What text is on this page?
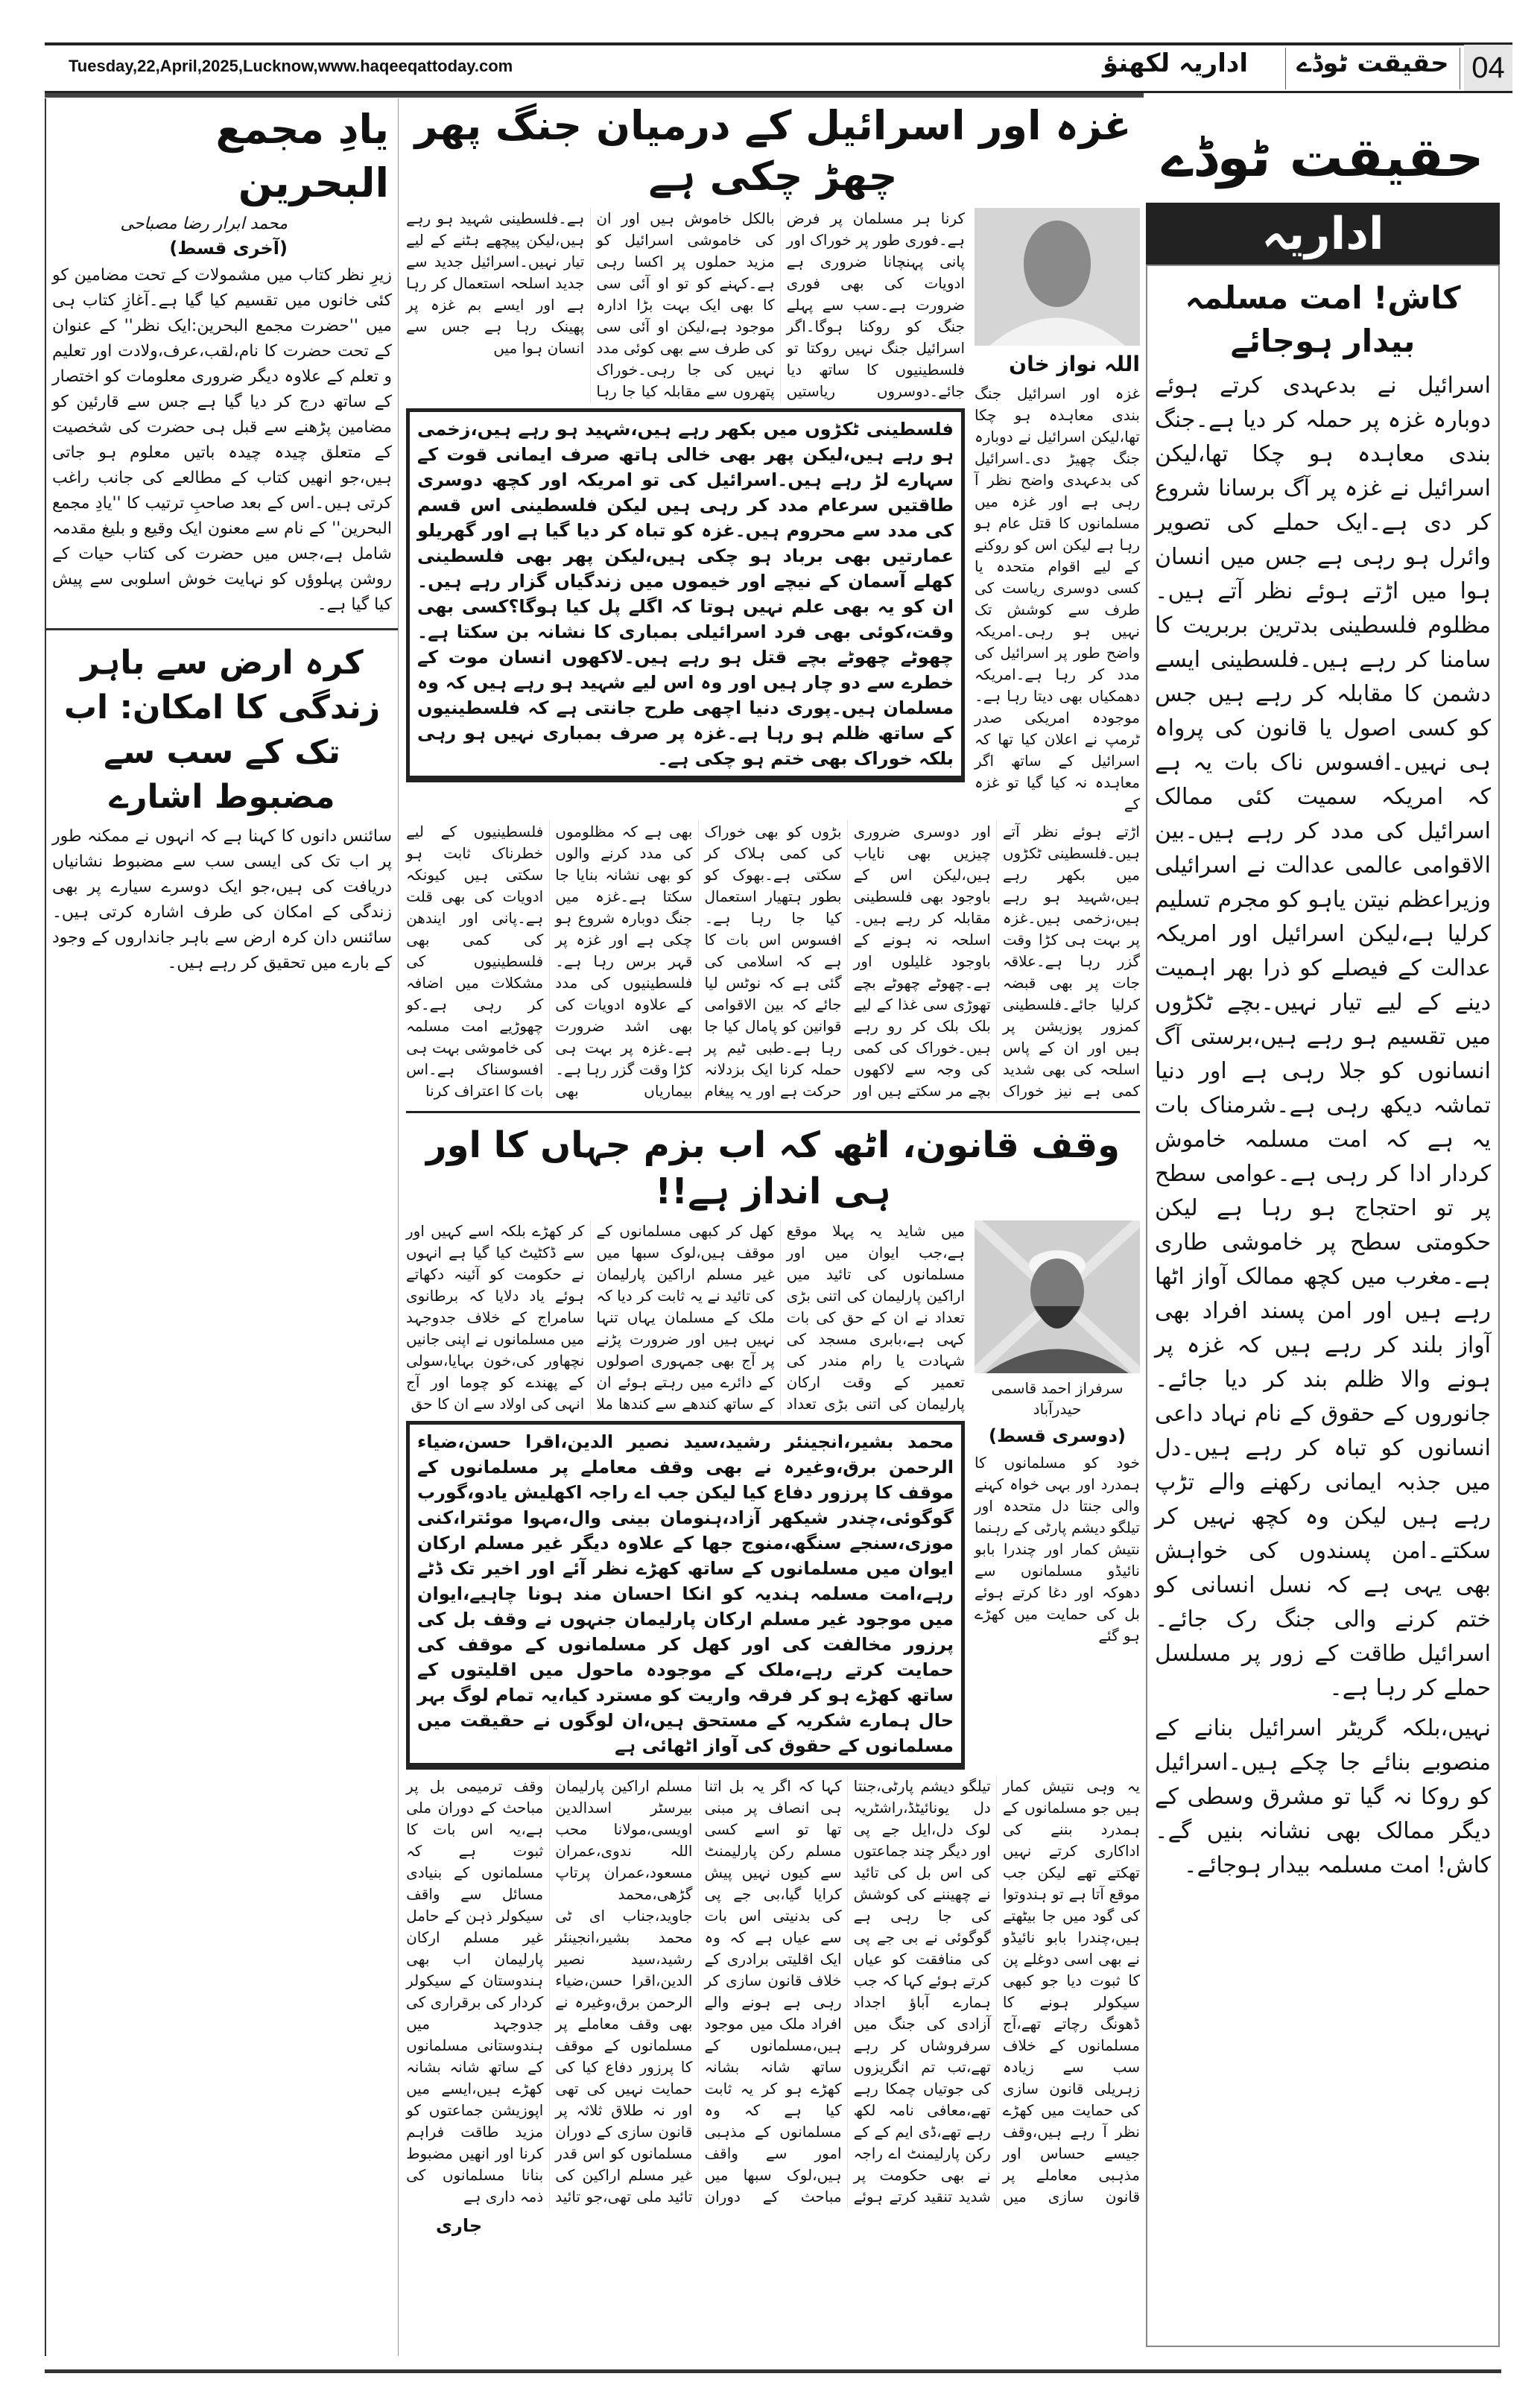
Tuesday,22,April,2025,Lucknow,www.haqeeqattoday.com	اداریہ لکھنؤ	حقیقت ٹوڈے 04
یادِ مجمع البحرین
محمد ابرار رضا مصباحی
(آخری قسط)
زیرِ نظر کتاب میں مشمولات کے تحت مضامین کو کئی خانوں میں تقسیم کیا گیا ہے۔آغازِ کتاب ہی میں ''حضرت مجمع البحرین:ایک نظر'' کے عنوان کے تحت حضرت کا نام،لقب،عرف،ولادت اور تعلیم و تعلم کے علاوہ دیگر ضروری معلومات کو اختصار کے ساتھ درج کر دیا گیا ہے جس سے قارئین کو مضامین پڑھنے سے قبل ہی حضرت کی شخصیت کے متعلق چیدہ چیدہ باتیں معلوم ہو جاتی ہیں،جو انھیں کتاب کے مطالعے کی جانب راغب کرتی ہیں۔اس کے بعد صاحبِ ترتیب کا ''یادِ مجمع البحرین'' کے نام سے معنون ایک وقیع و بلیغ مقدمہ شامل ہے،جس میں حضرت کی کتاب حیات کے روشن پہلوؤں کو نہایت خوش اسلوبی سے پیش کیا گیا ہے۔
کرہ ارض سے باہر زندگی کا امکان: اب تک کے سب سے مضبوط اشارے
سائنس دانوں کا کہنا ہے کہ انہوں نے ممکنہ طور پر اب تک کی ایسی سب سے مضبوط نشانیاں دریافت کی ہیں،جو ایک دوسرے سیارے پر بھی زندگی کے امکان کی طرف اشارہ کرتی ہیں۔سائنس دان کرہ ارض سے باہر جانداروں کے وجود کے بارے میں تحقیق کر رہے ہیں۔
غزہ اور اسرائیل کے درمیان جنگ پھر چھڑ چکی ہے
کرنا ہر مسلمان پر فرض ہے۔فوری طور پر خوراک اور پانی پہنچانا ضروری ہے ادویات کی بھی فوری ضرورت ہے۔سب سے پہلے جنگ کو روکنا ہوگا۔اگر اسرائیل جنگ نہیں روکتا تو فلسطینیوں کا ساتھ دیا جائے۔دوسروں ریاستیں بالکل خاموش ہیں اور ان کی خاموشی اسرائیل کو مزید حملوں پر اکسا رہی ہے۔کہنے کو تو او آئی سی کا بھی ایک بہت بڑا ادارہ موجود ہے،لیکن او آئی سی کی طرف سے بھی کوئی مدد نہیں کی جا رہی۔خوراک پتھروں سے مقابلہ کیا جا رہا ہے۔فلسطینی شہید ہو رہے ہیں،لیکن پیچھے ہٹنے کے لیے تیار نہیں۔اسرائیل جدید سے جدید اسلحہ استعمال کر رہا ہے اور ایسے بم غزہ پر پھینک رہا ہے جس سے انسان ہوا میں
فلسطینی ٹکڑوں میں بکھر رہے ہیں،شہید ہو رہے ہیں،زخمی ہو رہے ہیں،لیکن پھر بھی خالی ہاتھ صرف ایمانی قوت کے سہارے لڑ رہے ہیں۔اسرائیل کی تو امریکہ اور کچھ دوسری طاقتیں سرعام مدد کر رہی ہیں لیکن فلسطینی اس قسم کی مدد سے محروم ہیں۔غزہ کو تباہ کر دیا گیا ہے اور گھریلو عمارتیں بھی برباد ہو چکی ہیں،لیکن پھر بھی فلسطینی کھلے آسمان کے نیچے اور خیموں میں زندگیاں گزار رہے ہیں۔ان کو یہ بھی علم نہیں ہوتا کہ اگلے پل کیا ہوگا؟کسی بھی وقت،کوئی بھی فرد اسرائیلی بمباری کا نشانہ بن سکتا ہے۔چھوٹے چھوٹے بچے قتل ہو رہے ہیں۔لاکھوں انسان موت کے خطرے سے دو چار ہیں اور وہ اس لیے شہید ہو رہے ہیں کہ وہ مسلمان ہیں۔پوری دنیا اچھی طرح جانتی ہے کہ فلسطینیوں کے ساتھ ظلم ہو رہا ہے۔غزہ پر صرف بمباری نہیں ہو رہی بلکہ خوراک بھی ختم ہو چکی ہے۔
اللہ نواز خان
غزہ اور اسرائیل جنگ بندی معاہدہ ہو چکا تھا،لیکن اسرائیل نے دوبارہ جنگ چھیڑ دی۔اسرائیل کی بدعہدی واضح نظر آ رہی ہے اور غزہ میں مسلمانوں کا قتل عام ہو رہا ہے لیکن اس کو روکنے کے لیے اقوام متحدہ یا کسی دوسری ریاست کی طرف سے کوشش تک نہیں ہو رہی۔امریکہ واضح طور پر اسرائیل کی مدد کر رہا ہے۔امریکہ دھمکیاں بھی دیتا رہا ہے۔موجودہ امریکی صدر ٹرمپ نے اعلان کیا تھا کہ اسرائیل کے ساتھ اگر معاہدہ نہ کیا گیا تو غزہ کے
اڑتے ہوئے نظر آتے ہیں۔فلسطینی ٹکڑوں میں بکھر رہے ہیں،شہید ہو رہے ہیں،زخمی ہیں۔غزہ پر بہت ہی کڑا وقت گزر رہا ہے۔علاقہ جات پر بھی قبضہ کرلیا جائے۔فلسطینی کمزور پوزیشن پر ہیں اور ان کے پاس اسلحہ کی بھی شدید کمی ہے نیز خوراک اور دوسری ضروری چیزیں بھی نایاب ہیں،لیکن اس کے باوجود بھی فلسطینی مقابلہ کر رہے ہیں۔اسلحہ نہ ہونے کے باوجود غلیلوں اور ہے۔چھوٹے چھوٹے بچے تھوڑی سی غذا کے لیے بلک بلک کر رو رہے ہیں۔خوراک کی کمی کی وجہ سے لاکھوں بچے مر سکتے ہیں اور بڑوں کو بھی خوراک کی کمی ہلاک کر سکتی ہے۔بھوک کو بطور ہتھیار استعمال کیا جا رہا ہے۔افسوس اس بات کا ہے کہ اسلامی کی گئی ہے کہ نوٹس لیا جائے کہ بین الاقوامی قوانین کو پامال کیا جا رہا ہے۔طبی ٹیم پر حملہ کرنا ایک بزدلانہ حرکت ہے اور یہ پیغام بھی ہے کہ مظلوموں کی مدد کرنے والوں کو بھی نشانہ بنایا جا سکتا ہے۔غزہ میں جنگ دوبارہ شروع ہو چکی ہے اور غزہ پر قہر برس رہا ہے۔فلسطینیوں کی مدد کے علاوہ ادویات کی بھی اشد ضرورت ہے۔غزہ پر بہت ہی کڑا وقت گزر رہا ہے۔بیماریاں بھی فلسطینیوں کے لیے خطرناک ثابت ہو سکتی ہیں کیونکہ ادویات کی بھی قلت ہے۔پانی اور ایندھن کی کمی بھی فلسطینیوں کی مشکلات میں اضافہ کر رہی ہے۔کو چھوڑیے امت مسلمہ کی خاموشی بہت ہی افسوسناک ہے۔اس بات کا اعتراف کرنا
وقف قانون، اٹھ کہ اب بزم جہاں کا اور ہی انداز ہے!!
میں شاید یہ پہلا موقع ہے،جب ایوان میں اور مسلمانوں کی تائید میں اراکین پارلیمان کی اتنی بڑی تعداد نے ان کے حق کی بات کہی ہے،بابری مسجد کی شہادت یا رام مندر کی تعمیر کے وقت ارکان پارلیمان کی اتنی بڑی تعداد کھل کر کبھی مسلمانوں کے موقف ہیں،لوک سبھا میں غیر مسلم اراکین پارلیمان کی تائید نے یہ ثابت کر دیا کہ ملک کے مسلمان یہاں تنہا نہیں ہیں اور ضرورت پڑنے پر آج بھی جمہوری اصولوں کے دائرے میں رہتے ہوئے ان کے ساتھ کندھے سے کندھا ملا کر کھڑے بلکہ اسے کہیں اور سے ڈکٹیٹ کیا گیا ہے انہوں نے حکومت کو آئینہ دکھاتے ہوئے یاد دلایا کہ برطانوی سامراج کے خلاف جدوجہد میں مسلمانوں نے اپنی جانیں نچھاور کی،خون بہایا،سولی کے پھندے کو چوما اور آج انہی کی اولاد سے ان کا حق
محمد بشیر،انجینئر رشید،سید نصیر الدین،اقرا حسن،ضیاء الرحمن برق،وغیرہ نے بھی وقف معاملے پر مسلمانوں کے موقف کا پرزور دفاع کیا لیکن جب اے راجہ اکھلیش یادو،گورب گوگوئی،چندر شیکھر آزاد،ہنومان بینی وال،مہوا موئترا،کنی موزی،سنجے سنگھ،منوج جھا کے علاوہ دیگر غیر مسلم ارکان ایوان میں مسلمانوں کے ساتھ کھڑے نظر آئے اور اخیر تک ڈٹے رہے،امت مسلمہ ہندیہ کو انکا احسان مند ہونا چاہیے،ایوان میں موجود غیر مسلم ارکان پارلیمان جنہوں نے وقف بل کی پرزور مخالفت کی اور کھل کر مسلمانوں کے موقف کی حمایت کرتے رہے،ملک کے موجودہ ماحول میں اقلیتوں کے ساتھ کھڑے ہو کر فرقہ واریت کو مسترد کیا،یہ تمام لوگ بہر حال ہمارے شکریہ کے مستحق ہیں،ان لوگوں نے حقیقت میں مسلمانوں کے حقوق کی آواز اٹھائی ہے
سرفراز احمد قاسمی حیدرآباد
(دوسری قسط)
خود کو مسلمانوں کا ہمدرد اور بہی خواہ کہنے والی جنتا دل متحدہ اور تیلگو دیشم پارٹی کے رہنما نتیش کمار اور چندرا بابو نائیڈو مسلمانوں سے دھوکہ اور دغا کرتے ہوئے بل کی حمایت میں کھڑے ہو گئے
یہ وہی نتیش کمار ہیں جو مسلمانوں کے ہمدرد بننے کی اداکاری کرتے نہیں تھکتے تھے لیکن جب موقع آتا ہے تو ہندوتوا کی گود میں جا بیٹھتے ہیں،چندرا بابو نائیڈو نے بھی اسی دوغلے پن کا ثبوت دیا جو کبھی سیکولر ہونے کا ڈھونگ رچاتے تھے،آج مسلمانوں کے خلاف سب سے زیادہ زہریلی قانون سازی کی حمایت میں کھڑے نظر آ رہے ہیں،وقف جیسے حساس اور مذہبی معاملے پر قانون سازی میں تیلگو دیشم پارٹی،جنتا دل یونائیٹڈ،راشٹریہ لوک دل،ایل جے پی اور دیگر چند جماعتوں کی اس بل کی تائید نے چھیننے کی کوشش کی جا رہی ہے گوگوئی نے بی جے پی کی منافقت کو عیاں کرتے ہوئے کہا کہ جب ہمارے آباؤ اجداد آزادی کی جنگ میں سرفروشاں کر رہے تھے،تب تم انگریزوں کی جوتیاں چمکا رہے تھے،معافی نامہ لکھ رہے تھے،ڈی ایم کے کے رکن پارلیمنٹ اے راجہ نے بھی حکومت پر شدید تنقید کرتے ہوئے کہا کہ اگر یہ بل اتنا ہی انصاف پر مبنی تھا تو اسے کسی مسلم رکن پارلیمنٹ سے کیوں نہیں پیش کرایا گیا،بی جے پی کی بدنیتی اس بات سے عیاں ہے کہ وہ ایک اقلیتی برادری کے خلاف قانون سازی کر رہی ہے ہونے والے افراد ملک میں موجود ہیں،مسلمانوں کے ساتھ شانہ بشانہ کھڑے ہو کر یہ ثابت کیا ہے کہ وہ مسلمانوں کے مذہبی امور سے واقف ہیں،لوک سبھا میں مباحث کے دوران مسلم اراکین پارلیمان بیرسٹر اسدالدین اویسی،مولانا محب اللہ ندوی،عمران مسعود،عمران پرتاپ گڑھی،محمد جاوید،جناب ای ٹی محمد بشیر،انجینئر رشید،سید نصیر الدین،اقرا حسن،ضیاء الرحمن برق،وغیرہ نے بھی وقف معاملے پر مسلمانوں کے موقف کا پرزور دفاع کیا کی حمایت نہیں کی تھی اور نہ طلاق ثلاثہ پر قانون سازی کے دوران مسلمانوں کو اس قدر غیر مسلم اراکین کی تائید ملی تھی،جو تائید وقف ترمیمی بل پر مباحث کے دوران ملی ہے،یہ اس بات کا ثبوت ہے کہ مسلمانوں کے بنیادی مسائل سے واقف سیکولر ذہن کے حامل غیر مسلم ارکان پارلیمان اب بھی ہندوستان کے سیکولر کردار کی برقراری کی جدوجہد میں ہندوستانی مسلمانوں کے ساتھ شانہ بشانہ کھڑے ہیں،ایسے میں اپوزیشن جماعتوں کو مزید طاقت فراہم کرنا اور انھیں مضبوط بنانا مسلمانوں کی ذمہ داری ہے
جاری
حقیقت ٹوڈے
اداریہ
کاش! امت مسلمہ بیدار ہوجائے
اسرائیل نے بدعہدی کرتے ہوئے دوبارہ غزہ پر حملہ کر دیا ہے۔جنگ بندی معاہدہ ہو چکا تھا،لیکن اسرائیل نے غزہ پر آگ برسانا شروع کر دی ہے۔ایک حملے کی تصویر وائرل ہو رہی ہے جس میں انسان ہوا میں اڑتے ہوئے نظر آتے ہیں۔مظلوم فلسطینی بدترین بربریت کا سامنا کر رہے ہیں۔فلسطینی ایسے دشمن کا مقابلہ کر رہے ہیں جس کو کسی اصول یا قانون کی پرواہ ہی نہیں۔افسوس ناک بات یہ ہے کہ امریکہ سمیت کئی ممالک اسرائیل کی مدد کر رہے ہیں۔بین الاقوامی عالمی عدالت نے اسرائیلی وزیراعظم نیتن یاہو کو مجرم تسلیم کرلیا ہے،لیکن اسرائیل اور امریکہ عدالت کے فیصلے کو ذرا بھر اہمیت دینے کے لیے تیار نہیں۔بچے ٹکڑوں میں تقسیم ہو رہے ہیں،برستی آگ انسانوں کو جلا رہی ہے اور دنیا تماشہ دیکھ رہی ہے۔شرمناک بات یہ ہے کہ امت مسلمہ خاموش کردار ادا کر رہی ہے۔عوامی سطح پر تو احتجاج ہو رہا ہے لیکن حکومتی سطح پر خاموشی طاری ہے۔مغرب میں کچھ ممالک آواز اٹھا رہے ہیں اور امن پسند افراد بھی آواز بلند کر رہے ہیں کہ غزہ پر ہونے والا ظلم بند کر دیا جائے۔جانوروں کے حقوق کے نام نہاد داعی انسانوں کو تباہ کر رہے ہیں۔دل میں جذبہ ایمانی رکھنے والے تڑپ رہے ہیں لیکن وہ کچھ نہیں کر سکتے۔امن پسندوں کی خواہش بھی یہی ہے کہ نسل انسانی کو ختم کرنے والی جنگ رک جائے۔اسرائیل طاقت کے زور پر مسلسل حملے کر رہا ہے۔
نہیں،بلکہ گریٹر اسرائیل بنانے کے منصوبے بنائے جا چکے ہیں۔اسرائیل کو روکا نہ گیا تو مشرق وسطی کے دیگر ممالک بھی نشانہ بنیں گے۔کاش! امت مسلمہ بیدار ہوجائے۔
